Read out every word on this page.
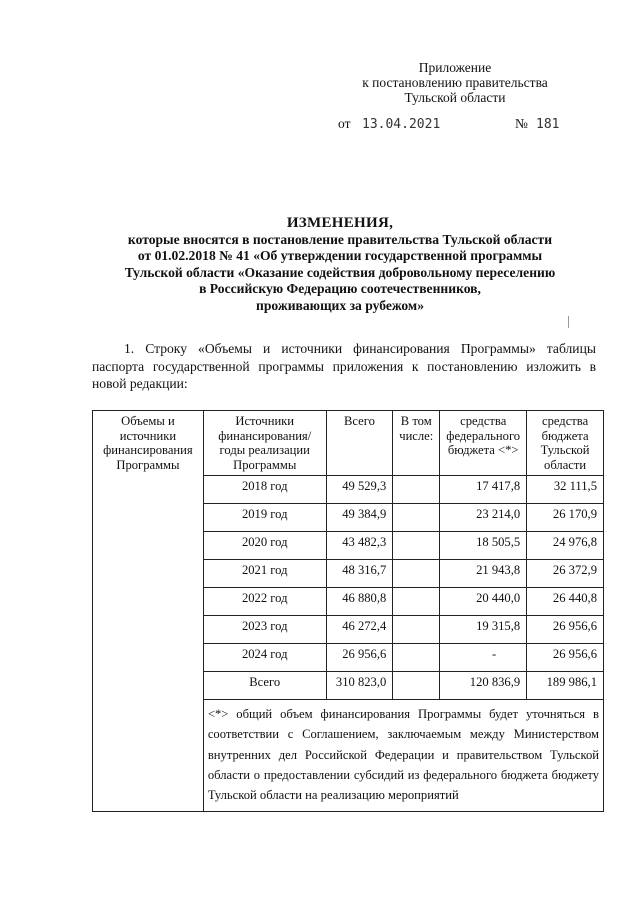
Приложение
к постановлению правительства
Тульской области
от 13.04.2021	№ 181
ИЗМЕНЕНИЯ,
которые вносятся в постановление правительства Тульской области
от 01.02.2018 № 41 «Об утверждении государственной программы
Тульской области «Оказание содействия добровольному переселению
в Российскую Федерацию соотечественников,
проживающих за рубежом»
1. Строку «Объемы и источники финансирования Программы» таблицы паспорта государственной программы приложения к постановлению изложить в новой редакции:
Объемы и источники финансирования Программы	Источники финансирования/ годы реализации Программы	Всего	В том числе:	средства федерального бюджета <*>	средства бюджета Тульской области
	2018 год	49 529,3		17 417,8	32 111,5
	2019 год	49 384,9		23 214,0	26 170,9
	2020 год	43 482,3		18 505,5	24 976,8
	2021 год	48 316,7		21 943,8	26 372,9
	2022 год	46 880,8		20 440,0	26 440,8
	2023 год	46 272,4		19 315,8	26 956,6
	2024 год	26 956,6		-	26 956,6
	Всего	310 823,0		120 836,9	189 986,1
	<*> общий объем финансирования Программы будет уточняться в соответствии с Соглашением, заключаемым между Министерством внутренних дел Российской Федерации и правительством Тульской области о предоставлении субсидий из федерального бюджета бюджету Тульской области на реализацию мероприятий				
